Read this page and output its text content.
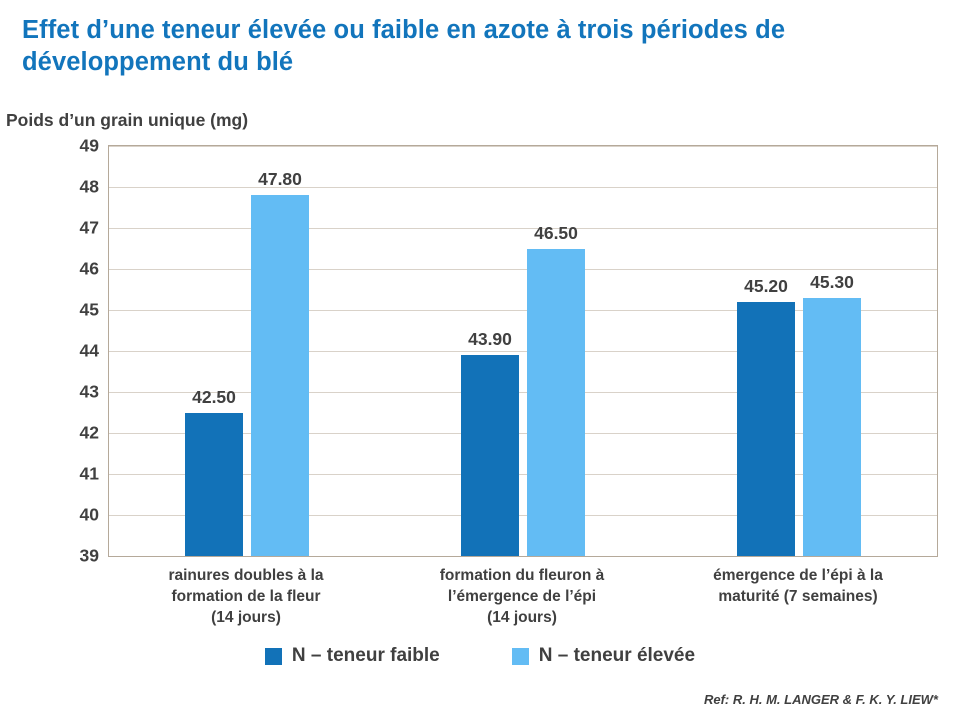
Effet d’une teneur élevée ou faible en azote à trois périodes de développement du blé
Poids d’un grain unique (mg)
49
48
47
46
45
44
43
42
41
40
39
42.50
47.80
43.90
46.50
45.20 45.30
N – teneur faible	N – teneur élevée
Ref: R. H. M. LANGER & F. K. Y. LIEW*
rainures doubles à la
formation de la fleur
(14 jours)
formation du fleuron à
l’émergence de l’épi
(14 jours)
émergence de l’épi à la
maturité (7 semaines)
